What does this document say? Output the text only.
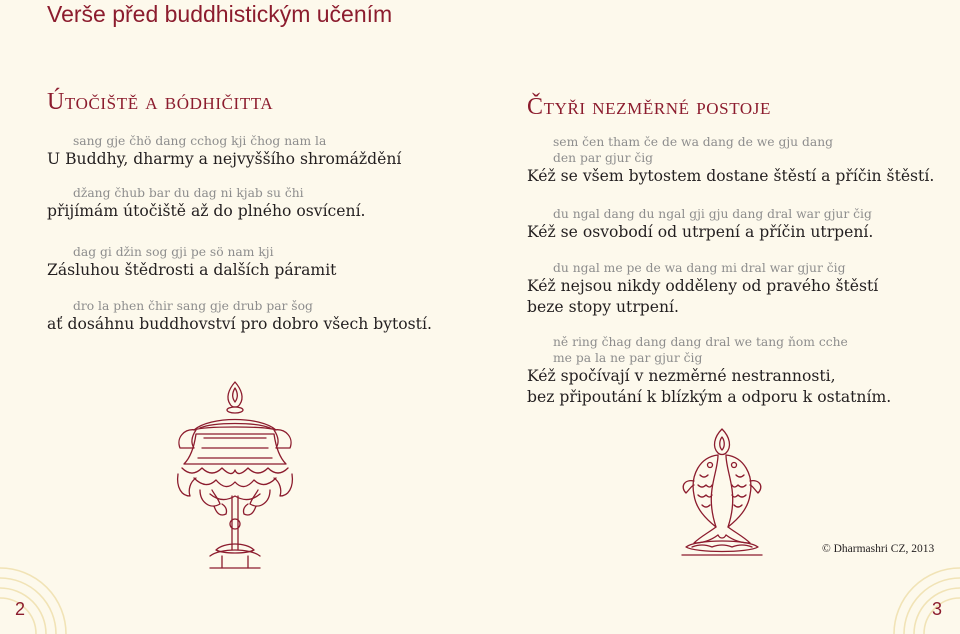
Verše před buddhistickým učením
Útočiště a bódhičitta
sang gje čhö dang cchog kji čhog nam la
U Buddhy, dharmy a nejvyššího shromáždění
džang čhub bar du dag ni kjab su čhi
přijímám útočiště až do plného osvícení.
dag gi džin sog gji pe sö nam kji
Zásluhou štědrosti a dalších páramit
dro la phen čhir sang gje drub par šog
ať dosáhnu buddhovství pro dobro všech bytostí.
2
Čtyři nezměrné postoje
sem čen tham če de wa dang de we gju dang
den par gjur čig
Kéž se všem bytostem dostane štěstí a příčin štěstí.
du ngal dang du ngal gji gju dang dral war gjur čig
Kéž se osvobodí od utrpení a příčin utrpení.
du ngal me pe de wa dang mi dral war gjur čig
Kéž nejsou nikdy odděleny od pravého štěstí
beze stopy utrpení.
ně ring čhag dang dang dral we tang ňom cche
me pa la ne par gjur čig
Kéž spočívají v nezměrné nestrannosti,
bez připoutání k blízkým a odporu k ostatním.
© Dharmashri CZ, 2013
3
